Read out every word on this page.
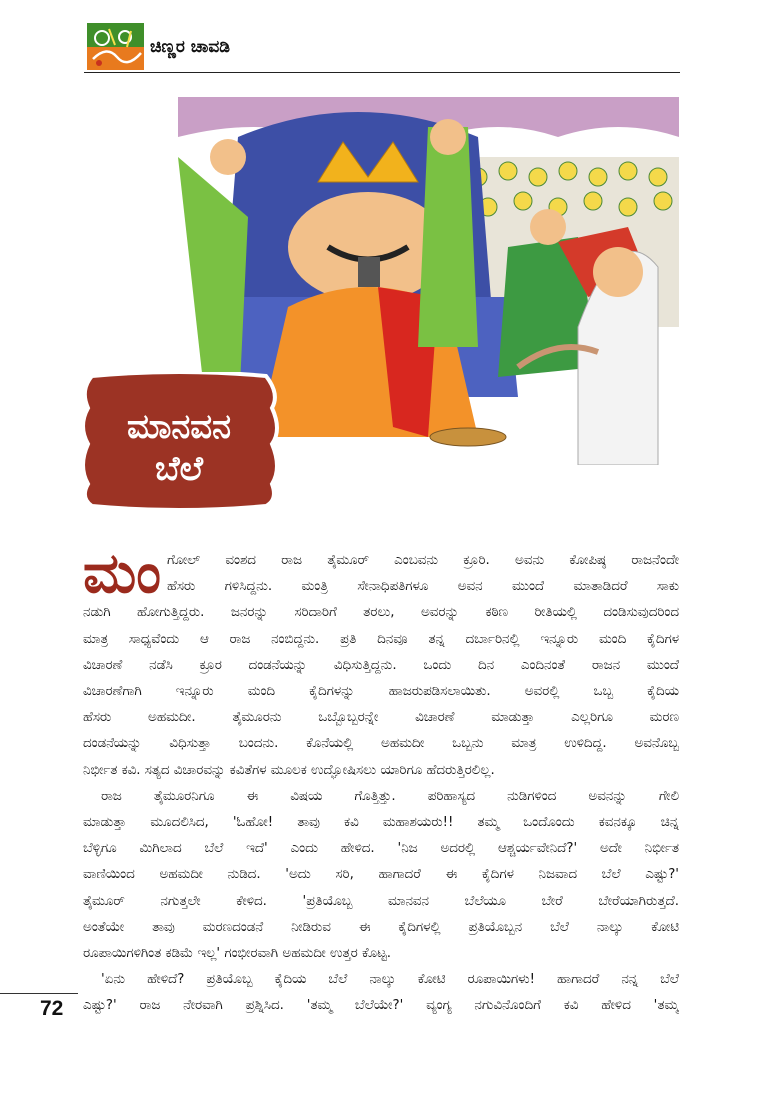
ಚಿಣ್ಣರ ಚಾವಡಿ
ಮಾನವನ
ಬೆಲೆ
ಮಂ ಗೋಲ್ ವಂಶದ ರಾಜ ತೈಮೂರ್ ಎಂಬವನು ಕ್ರೂರಿ. ಅವನು ಕೋಪಿಷ್ಠ ರಾಜನೆಂದೇ
ಹೆಸರು ಗಳಿಸಿದ್ದನು. ಮಂತ್ರಿ ಸೇನಾಧಿಪತಿಗಳೂ ಅವನ ಮುಂದೆ ಮಾತಾಡಿದರೆ ಸಾಕು
ನಡುಗಿ ಹೋಗುತ್ತಿದ್ದರು. ಜನರನ್ನು ಸರಿದಾರಿಗೆ ತರಲು, ಅವರನ್ನು ಕಠಿಣ ರೀತಿಯಲ್ಲಿ ದಂಡಿಸುವುದರಿಂದ
ಮಾತ್ರ ಸಾಧ್ಯವೆಂದು ಆ ರಾಜ ನಂಬಿದ್ದನು. ಪ್ರತಿ ದಿನವೂ ತನ್ನ ದರ್ಬಾರಿನಲ್ಲಿ ಇನ್ನೂರು ಮಂದಿ ಕೈದಿಗಳ
ವಿಚಾರಣೆ ನಡೆಸಿ ಕ್ರೂರ ದಂಡನೆಯನ್ನು ವಿಧಿಸುತ್ತಿದ್ದನು. ಒಂದು ದಿನ ಎಂದಿನಂತೆ ರಾಜನ ಮುಂದೆ
ವಿಚಾರಣೆಗಾಗಿ ಇನ್ನೂರು ಮಂದಿ ಕೈದಿಗಳನ್ನು ಹಾಜರುಪಡಿಸಲಾಯಿತು. ಅವರಲ್ಲಿ ಒಬ್ಬ ಕೈದಿಯ
ಹೆಸರು ಅಹಮದೀ. ತೈಮೂರನು ಒಬ್ಬೊಬ್ಬರನ್ನೇ ವಿಚಾರಣೆ ಮಾಡುತ್ತಾ ಎಲ್ಲರಿಗೂ ಮರಣ
ದಂಡನೆಯನ್ನು ವಿಧಿಸುತ್ತಾ ಬಂದನು. ಕೊನೆಯಲ್ಲಿ ಅಹಮದೀ ಒಬ್ಬನು ಮಾತ್ರ ಉಳಿದಿದ್ದ. ಅವನೊಬ್ಬ
ನಿರ್ಭೀತ ಕವಿ. ಸತ್ಯದ ವಿಚಾರವನ್ನು ಕವಿತೆಗಳ ಮೂಲಕ ಉದ್ಘೋಷಿಸಲು ಯಾರಿಗೂ ಹೆದರುತ್ತಿರಲಿಲ್ಲ.
ರಾಜ ತೈಮೂರನಿಗೂ ಈ ವಿಷಯ ಗೊತ್ತಿತ್ತು. ಪರಿಹಾಸ್ಯದ ನುಡಿಗಳಿಂದ ಅವನನ್ನು ಗೇಲಿ
ಮಾಡುತ್ತಾ ಮೂದಲಿಸಿದ, 'ಓಹೋ! ತಾವು ಕವಿ ಮಹಾಶಯರು!! ತಮ್ಮ ಒಂದೊಂದು ಕವನಕ್ಕೂ ಚಿನ್ನ
ಬೆಳ್ಳಿಗೂ ಮಿಗಿಲಾದ ಬೆಲೆ ಇದೆ' ಎಂದು ಹೇಳಿದ. 'ನಿಜ ಅದರಲ್ಲಿ ಆಶ್ಚರ್ಯವೇನಿದೆ?' ಅದೇ ನಿರ್ಭೀತ
ವಾಣಿಯಿಂದ ಅಹಮದೀ ನುಡಿದ. 'ಅದು ಸರಿ, ಹಾಗಾದರೆ ಈ ಕೈದಿಗಳ ನಿಜವಾದ ಬೆಲೆ ಎಷ್ಟು?'
ತೈಮೂರ್ ನಗುತ್ತಲೇ ಕೇಳಿದ. 'ಪ್ರತಿಯೊಬ್ಬ ಮಾನವನ ಬೆಲೆಯೂ ಬೇರೆ ಬೇರೆಯಾಗಿರುತ್ತದೆ.
ಅಂತೆಯೇ ತಾವು ಮರಣದಂಡನೆ ನೀಡಿರುವ ಈ ಕೈದಿಗಳಲ್ಲಿ ಪ್ರತಿಯೊಬ್ಬನ ಬೆಲೆ ನಾಲ್ಕು ಕೋಟಿ
ರೂಪಾಯಿಗಳಿಗಿಂತ ಕಡಿಮೆ ಇಲ್ಲ' ಗಂಭೀರವಾಗಿ ಅಹಮದೀ ಉತ್ತರ ಕೊಟ್ಟ.
'ಏನು ಹೇಳಿದೆ? ಪ್ರತಿಯೊಬ್ಬ ಕೈದಿಯ ಬೆಲೆ ನಾಲ್ಕು ಕೋಟಿ ರೂಪಾಯಿಗಳು! ಹಾಗಾದರೆ ನನ್ನ ಬೆಲೆ
ಎಷ್ಟು?' ರಾಜ ನೇರವಾಗಿ ಪ್ರಶ್ನಿಸಿದ. 'ತಮ್ಮ ಬೆಲೆಯೇ?' ವ್ಯಂಗ್ಯ ನಗುವಿನೊಂದಿಗೆ ಕವಿ ಹೇಳಿದ 'ತಮ್ಮ
72
